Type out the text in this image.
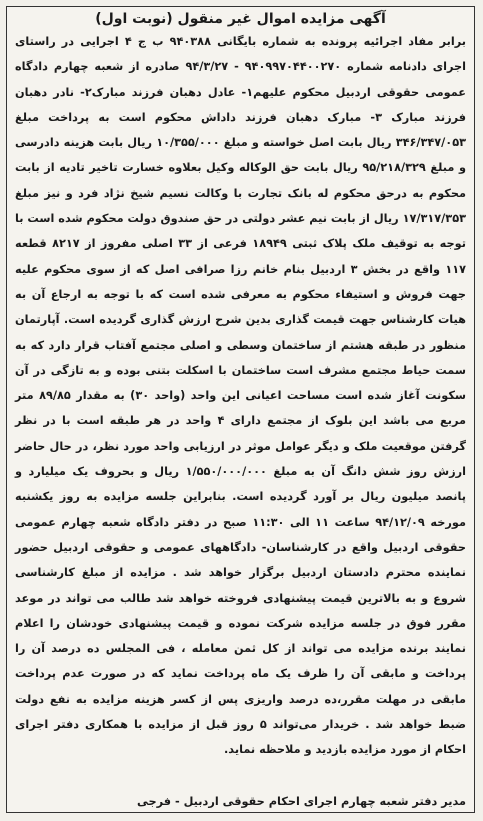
آگهی مزایده اموال غیر منقول (نوبت اول)
برابر مفاد اجرائیه پرونده به شماره بایگانی ۹۴۰۳۸۸ ب ج ۴ اجرایی در راستای اجرای دادنامه شماره ۹۴۰۹۹۷۰۴۴۰۰۲۷۰ - ۹۴/۳/۲۷ صادره از شعبه چهارم دادگاه عمومی حقوقی اردبیل محکوم علیهم۱- عادل دهبان فرزند مبارک۲- نادر دهبان فرزند مبارک ۳- مبارک دهبان فرزند داداش محکوم است به پرداخت مبلغ ۳۴۶/۳۴۷/۰۵۳ ریال بابت اصل خواسته و مبلغ ۱۰/۳۵۵/۰۰۰ ریال بابت هزینه دادرسی و مبلغ ۹۵/۲۱۸/۳۲۹ ریال بابت حق الوکاله وکیل بعلاوه خسارت تاخیر تادیه از بابت محکوم به درحق محکوم له بانک تجارت با وکالت نسیم شیخ نژاد فرد و نیز مبلغ ۱۷/۳۱۷/۳۵۳ ریال از بابت نیم عشر دولتی در حق صندوق دولت محکوم شده است با توجه به توقیف ملک پلاک ثبتی ۱۸۹۴۹ فرعی از ۳۳ اصلی مفروز از ۸۲۱۷ قطعه ۱۱۷ واقع در بخش ۳ اردبیل بنام خانم رزا صرافی اصل که از سوی محکوم علیه جهت فروش و استیفاء محکوم به معرفی شده است که با توجه به ارجاع آن به هیات کارشناس جهت قیمت گذاری بدین شرح ارزش گذاری گردیده است. آپارتمان منظور در طبقه هشتم از ساختمان وسطی و اصلی مجتمع آفتاب قرار دارد که به سمت حیاط مجتمع مشرف است ساختمان با اسکلت بتنی بوده و به تازگی در آن سکونت آغاز شده است مساحت اعیانی این واحد (واحد ۳۰) به مقدار ۸۹/۸۵ متر مربع می باشد این بلوک از مجتمع دارای ۴ واحد در هر طبقه است با در نظر گرفتن موقعیت ملک و دیگر عوامل موثر در ارزیابی واحد مورد نظر، در حال حاضر ارزش روز شش دانگ آن به مبلغ ۱/۵۵۰/۰۰۰/۰۰۰ ریال و بحروف یک میلیارد و پانصد میلیون ریال بر آورد گردیده است. بنابراین جلسه مزایده به روز یکشنبه مورخه ۹۴/۱۲/۰۹ ساعت ۱۱ الی ۱۱:۳۰ صبح در دفتر دادگاه شعبه چهارم عمومی حقوقی اردبیل واقع در کارشناسان- دادگاههای عمومی و حقوقی اردبیل حضور نماینده محترم دادستان اردبیل برگزار خواهد شد . مزایده از مبلغ کارشناسی شروع و به بالاترین قیمت پیشنهادی فروخته خواهد شد طالب می تواند در موعد مقرر فوق در جلسه مزایده شرکت نموده و قیمت پیشنهادی خودشان را اعلام نمایند برنده مزایده می تواند از کل ثمن معامله ، فی المجلس ده درصد آن را پرداخت و مابقی آن را ظرف یک ماه پرداخت نماید که در صورت عدم پرداخت مابقی در مهلت مقرر،ده درصد واریزی پس از کسر هزینه مزایده به نفع دولت ضبط خواهد شد . خریدار می‌تواند ۵ روز قبل از مزایده با همکاری دفتر اجرای احکام از مورد مزایده بازدید و ملاحظه نماید.
مدیر دفتر شعبه چهارم اجرای احکام حقوقی اردبیل - فرجی
